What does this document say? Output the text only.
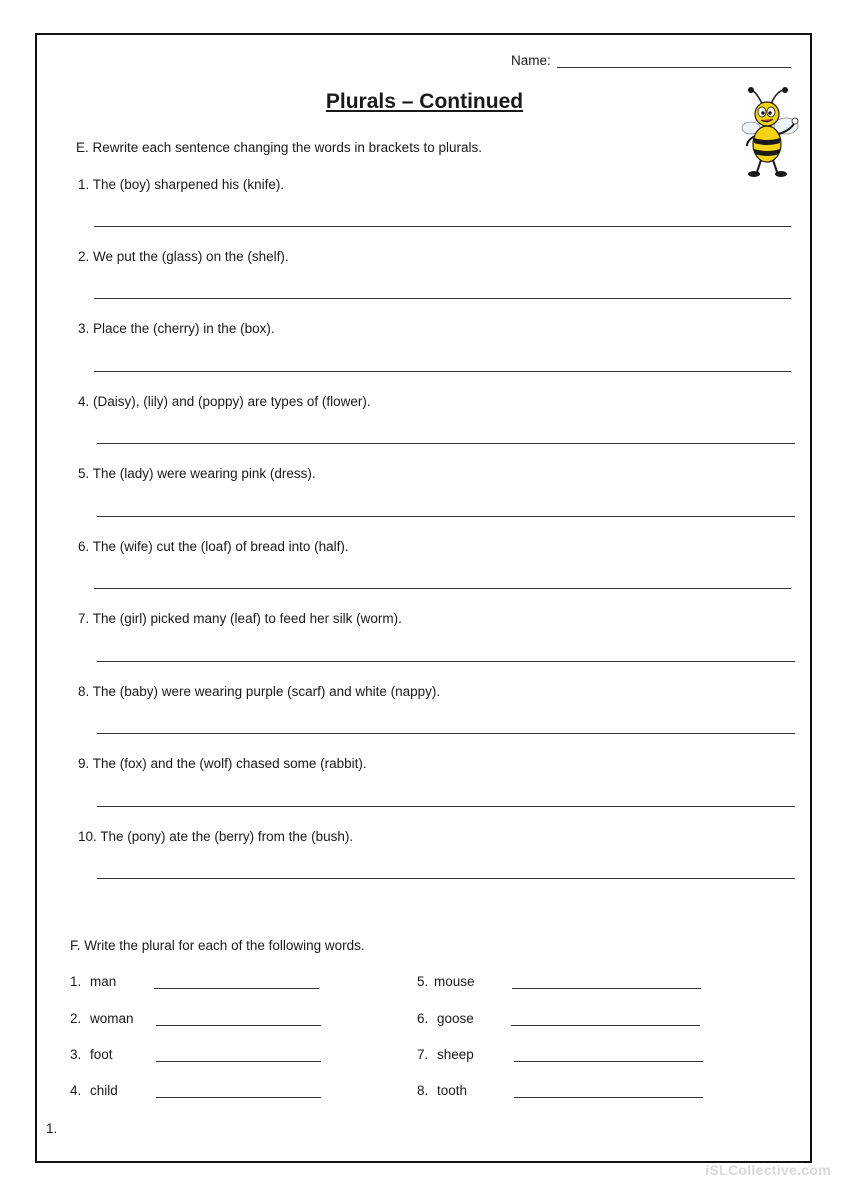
Name:
Plurals – Continued
E. Rewrite each sentence changing the words in brackets to plurals.
1. The (boy) sharpened his (knife).
2. We put the (glass) on the (shelf).
3. Place the (cherry) in the (box).
4. (Daisy), (lily) and (poppy) are types of (flower).
5. The (lady) were wearing pink (dress).
6. The (wife) cut the (loaf) of bread into (half).
7. The (girl) picked many (leaf) to feed her silk (worm).
8. The (baby) were wearing purple (scarf) and white (nappy).
9. The (fox) and the (wolf) chased some (rabbit).
10. The (pony) ate the (berry) from the (bush).
F. Write the plural for each of the following words.
1. man
2. woman
3. foot
4. child
5. mouse
6. goose
7. sheep
8. tooth
1.
iSLCollective.com
